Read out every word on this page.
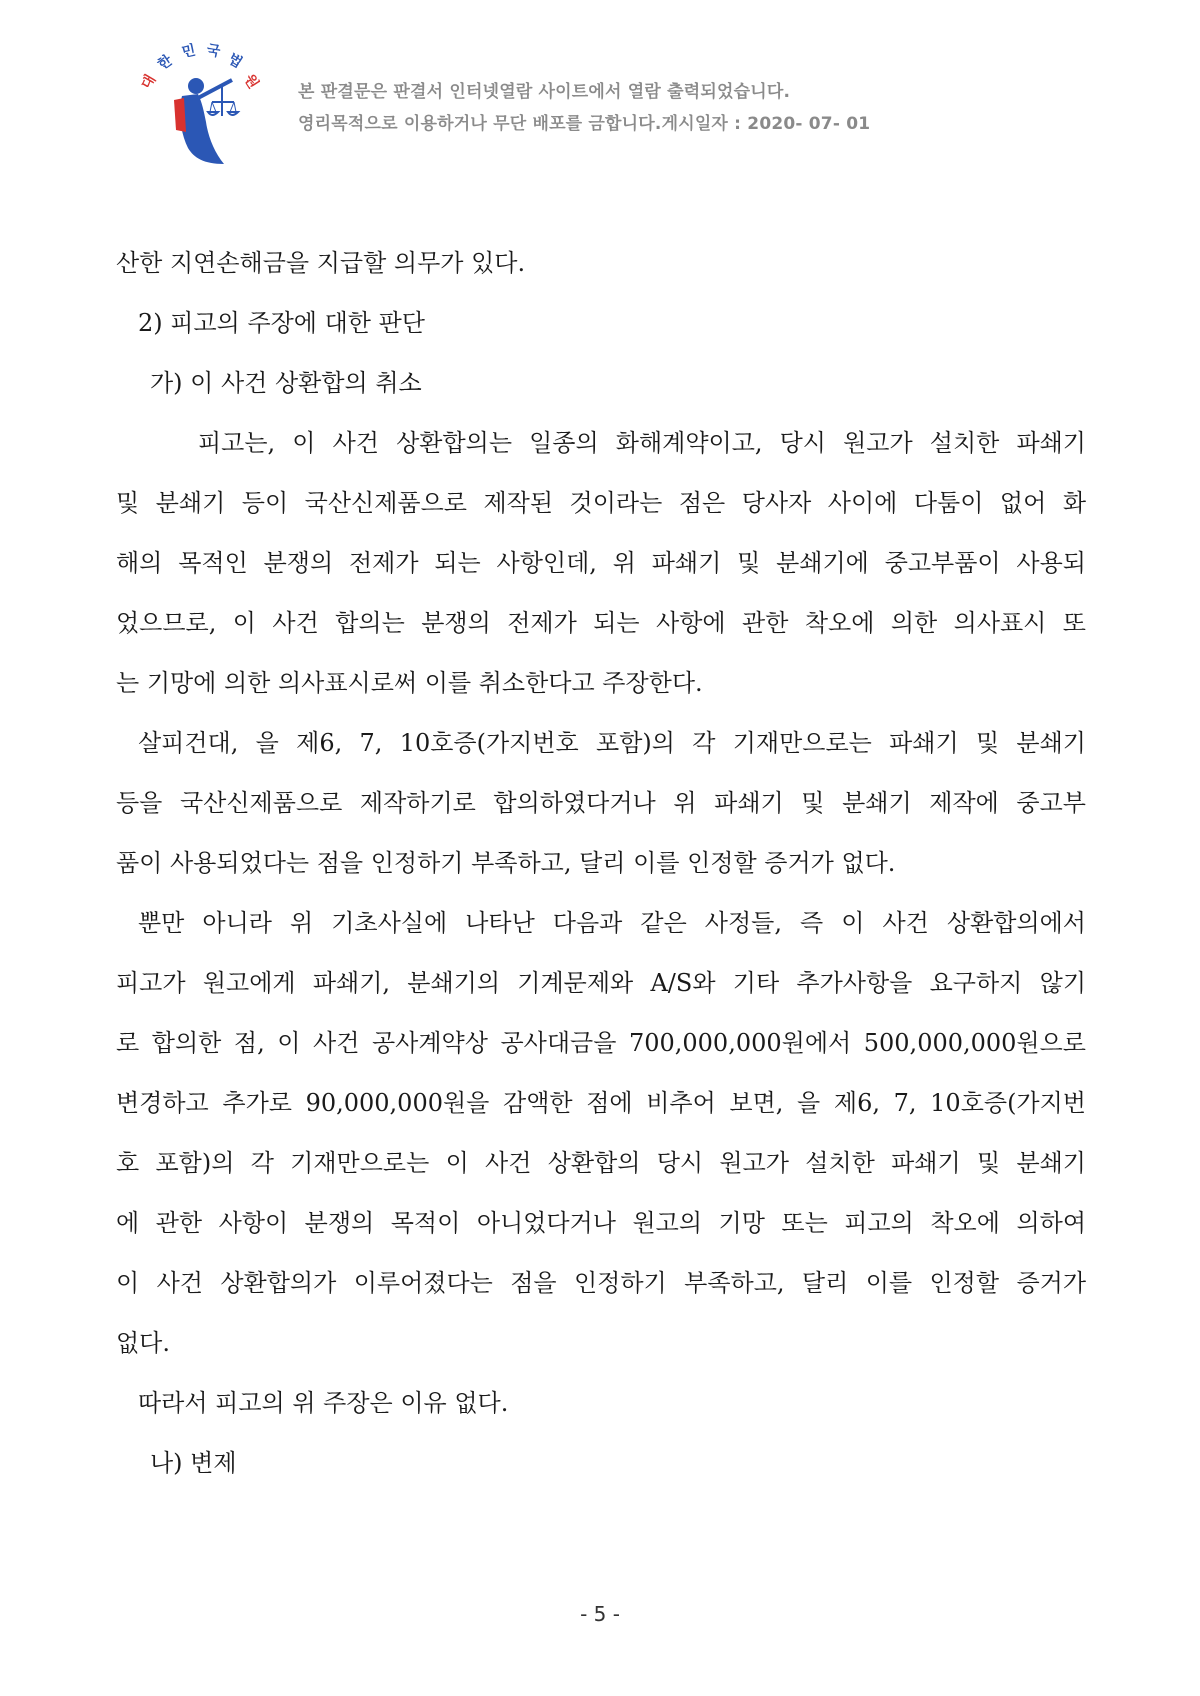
대
한
민 국 법
원
본 판결문은 판결서 인터넷열람 사이트에서 열람 출력되었습니다.
영리목적으로 이용하거나 무단 배포를 금합니다.게시일자 : 2020- 07- 01
산한 지연손해금을 지급할 의무가 있다.
2) 피고의 주장에 대한 판단
가) 이 사건 상환합의 취소
피고는, 이 사건 상환합의는 일종의 화해계약이고, 당시 원고가 설치한 파쇄기
및 분쇄기 등이 국산신제품으로 제작된 것이라는 점은 당사자 사이에 다툼이 없어 화
해의 목적인 분쟁의 전제가 되는 사항인데, 위 파쇄기 및 분쇄기에 중고부품이 사용되
었으므로, 이 사건 합의는 분쟁의 전제가 되는 사항에 관한 착오에 의한 의사표시 또
는 기망에 의한 의사표시로써 이를 취소한다고 주장한다.
살피건대, 을 제6, 7, 10호증(가지번호 포함)의 각 기재만으로는 파쇄기 및 분쇄기
등을 국산신제품으로 제작하기로 합의하였다거나 위 파쇄기 및 분쇄기 제작에 중고부
품이 사용되었다는 점을 인정하기 부족하고, 달리 이를 인정할 증거가 없다.
뿐만 아니라 위 기초사실에 나타난 다음과 같은 사정들, 즉 이 사건 상환합의에서
피고가 원고에게 파쇄기, 분쇄기의 기계문제와 A/S와 기타 추가사항을 요구하지 않기
로 합의한 점, 이 사건 공사계약상 공사대금을 700,000,000원에서 500,000,000원으로
변경하고 추가로 90,000,000원을 감액한 점에 비추어 보면, 을 제6, 7, 10호증(가지번
호 포함)의 각 기재만으로는 이 사건 상환합의 당시 원고가 설치한 파쇄기 및 분쇄기
에 관한 사항이 분쟁의 목적이 아니었다거나 원고의 기망 또는 피고의 착오에 의하여
이 사건 상환합의가 이루어졌다는 점을 인정하기 부족하고, 달리 이를 인정할 증거가
없다.
따라서 피고의 위 주장은 이유 없다.
나) 변제
- 5 -
